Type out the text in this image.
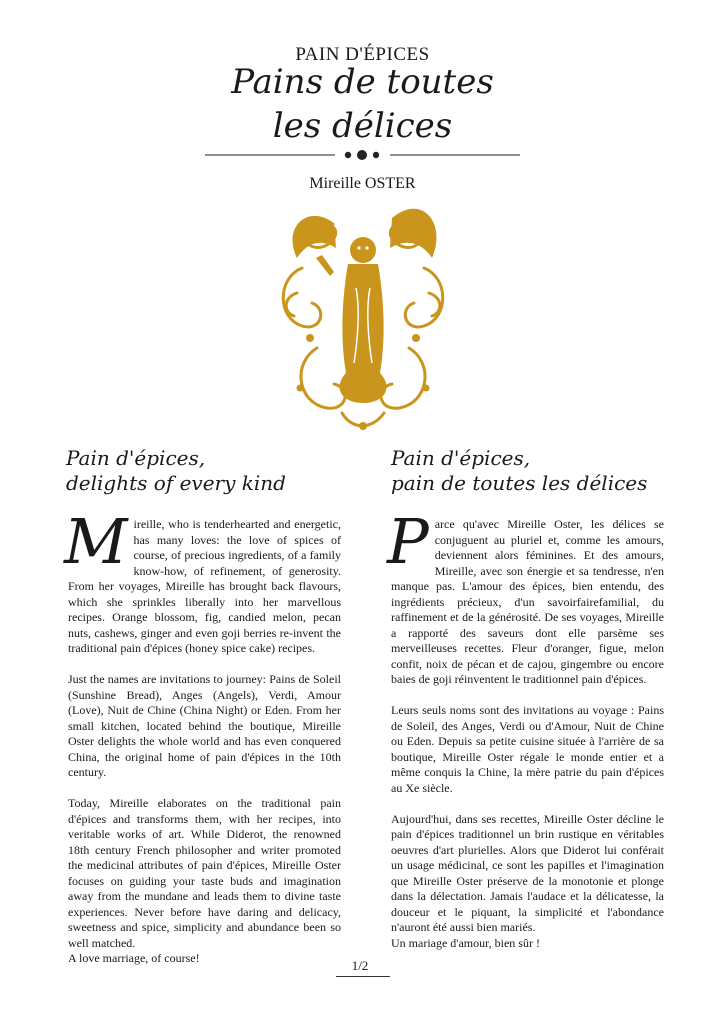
PAIN D'ÉPICES
Pains de toutes
les délices
Mireille OSTER
Pain d'épices,
delights of every kind
Pain d'épices,
pain de toutes les délices

Mireille, who is tenderhearted and energetic, has many loves: the love of spices of course, of precious ingredients, of a family know-how, of refinement, of generosity. From her voyages, Mireille has brought back flavours, which she sprinkles liberally into her marvellous recipes. Orange blossom, fig, candied melon, pecan nuts, cashews, ginger and even goji berries re-invent the traditional pain d'épices (honey spice cake) recipes.

Just the names are invitations to journey: Pains de Soleil (Sunshine Bread), Anges (Angels), Verdi, Amour (Love), Nuit de Chine (China Night) or Eden. From her small kitchen, located behind the boutique, Mireille Oster delights the whole world and has even conquered China, the original home of pain d'épices in the 10th century.

Today, Mireille elaborates on the traditional pain d'épices and transforms them, with her recipes, into veritable works of art. While Diderot, the renowned 18th century French philosopher and writer promoted the medicinal attributes of pain d'épices, Mireille Oster focuses on guiding your taste buds and imagination away from the mundane and leads them to divine taste experiences. Never before have daring and delicacy, sweetness and spice, simplicity and abundance been so well matched.

A love marriage, of course!

Parce qu'avec Mireille Oster, les délices se conjuguent au pluriel et, comme les amours, deviennent alors féminines. Et des amours, Mireille, avec son énergie et sa tendresse, n'en manque pas. L'amour des épices, bien entendu, des ingrédients précieux, d'un savoirfairefamilial, du raffinement et de la générosité. De ses voyages, Mireille a rapporté des saveurs dont elle parsème ses merveilleuses recettes. Fleur d'oranger, figue, melon confit, noix de pécan et de cajou, gingembre ou encore baies de goji réinventent le traditionnel pain d'épices.

Leurs seuls noms sont des invitations au voyage : Pains de Soleil, des Anges, Verdi ou d'Amour, Nuit de Chine ou Eden. Depuis sa petite cuisine située à l'arrière de sa boutique, Mireille Oster régale le monde entier et a même conquis la Chine, la mère patrie du pain d'épices au Xe siècle.

Aujourd'hui, dans ses recettes, Mireille Oster décline le pain d'épices traditionnel un brin rustique en véritables oeuvres d'art plurielles. Alors que Diderot lui conférait un usage médicinal, ce sont les papilles et l'imagination que Mireille Oster préserve de la monotonie et plonge dans la délectation. Jamais l'audace et la délicatesse, la douceur et le piquant, la simplicité et l'abondance n'auront été aussi bien mariés.

Un mariage d'amour, bien sûr !

1/2
